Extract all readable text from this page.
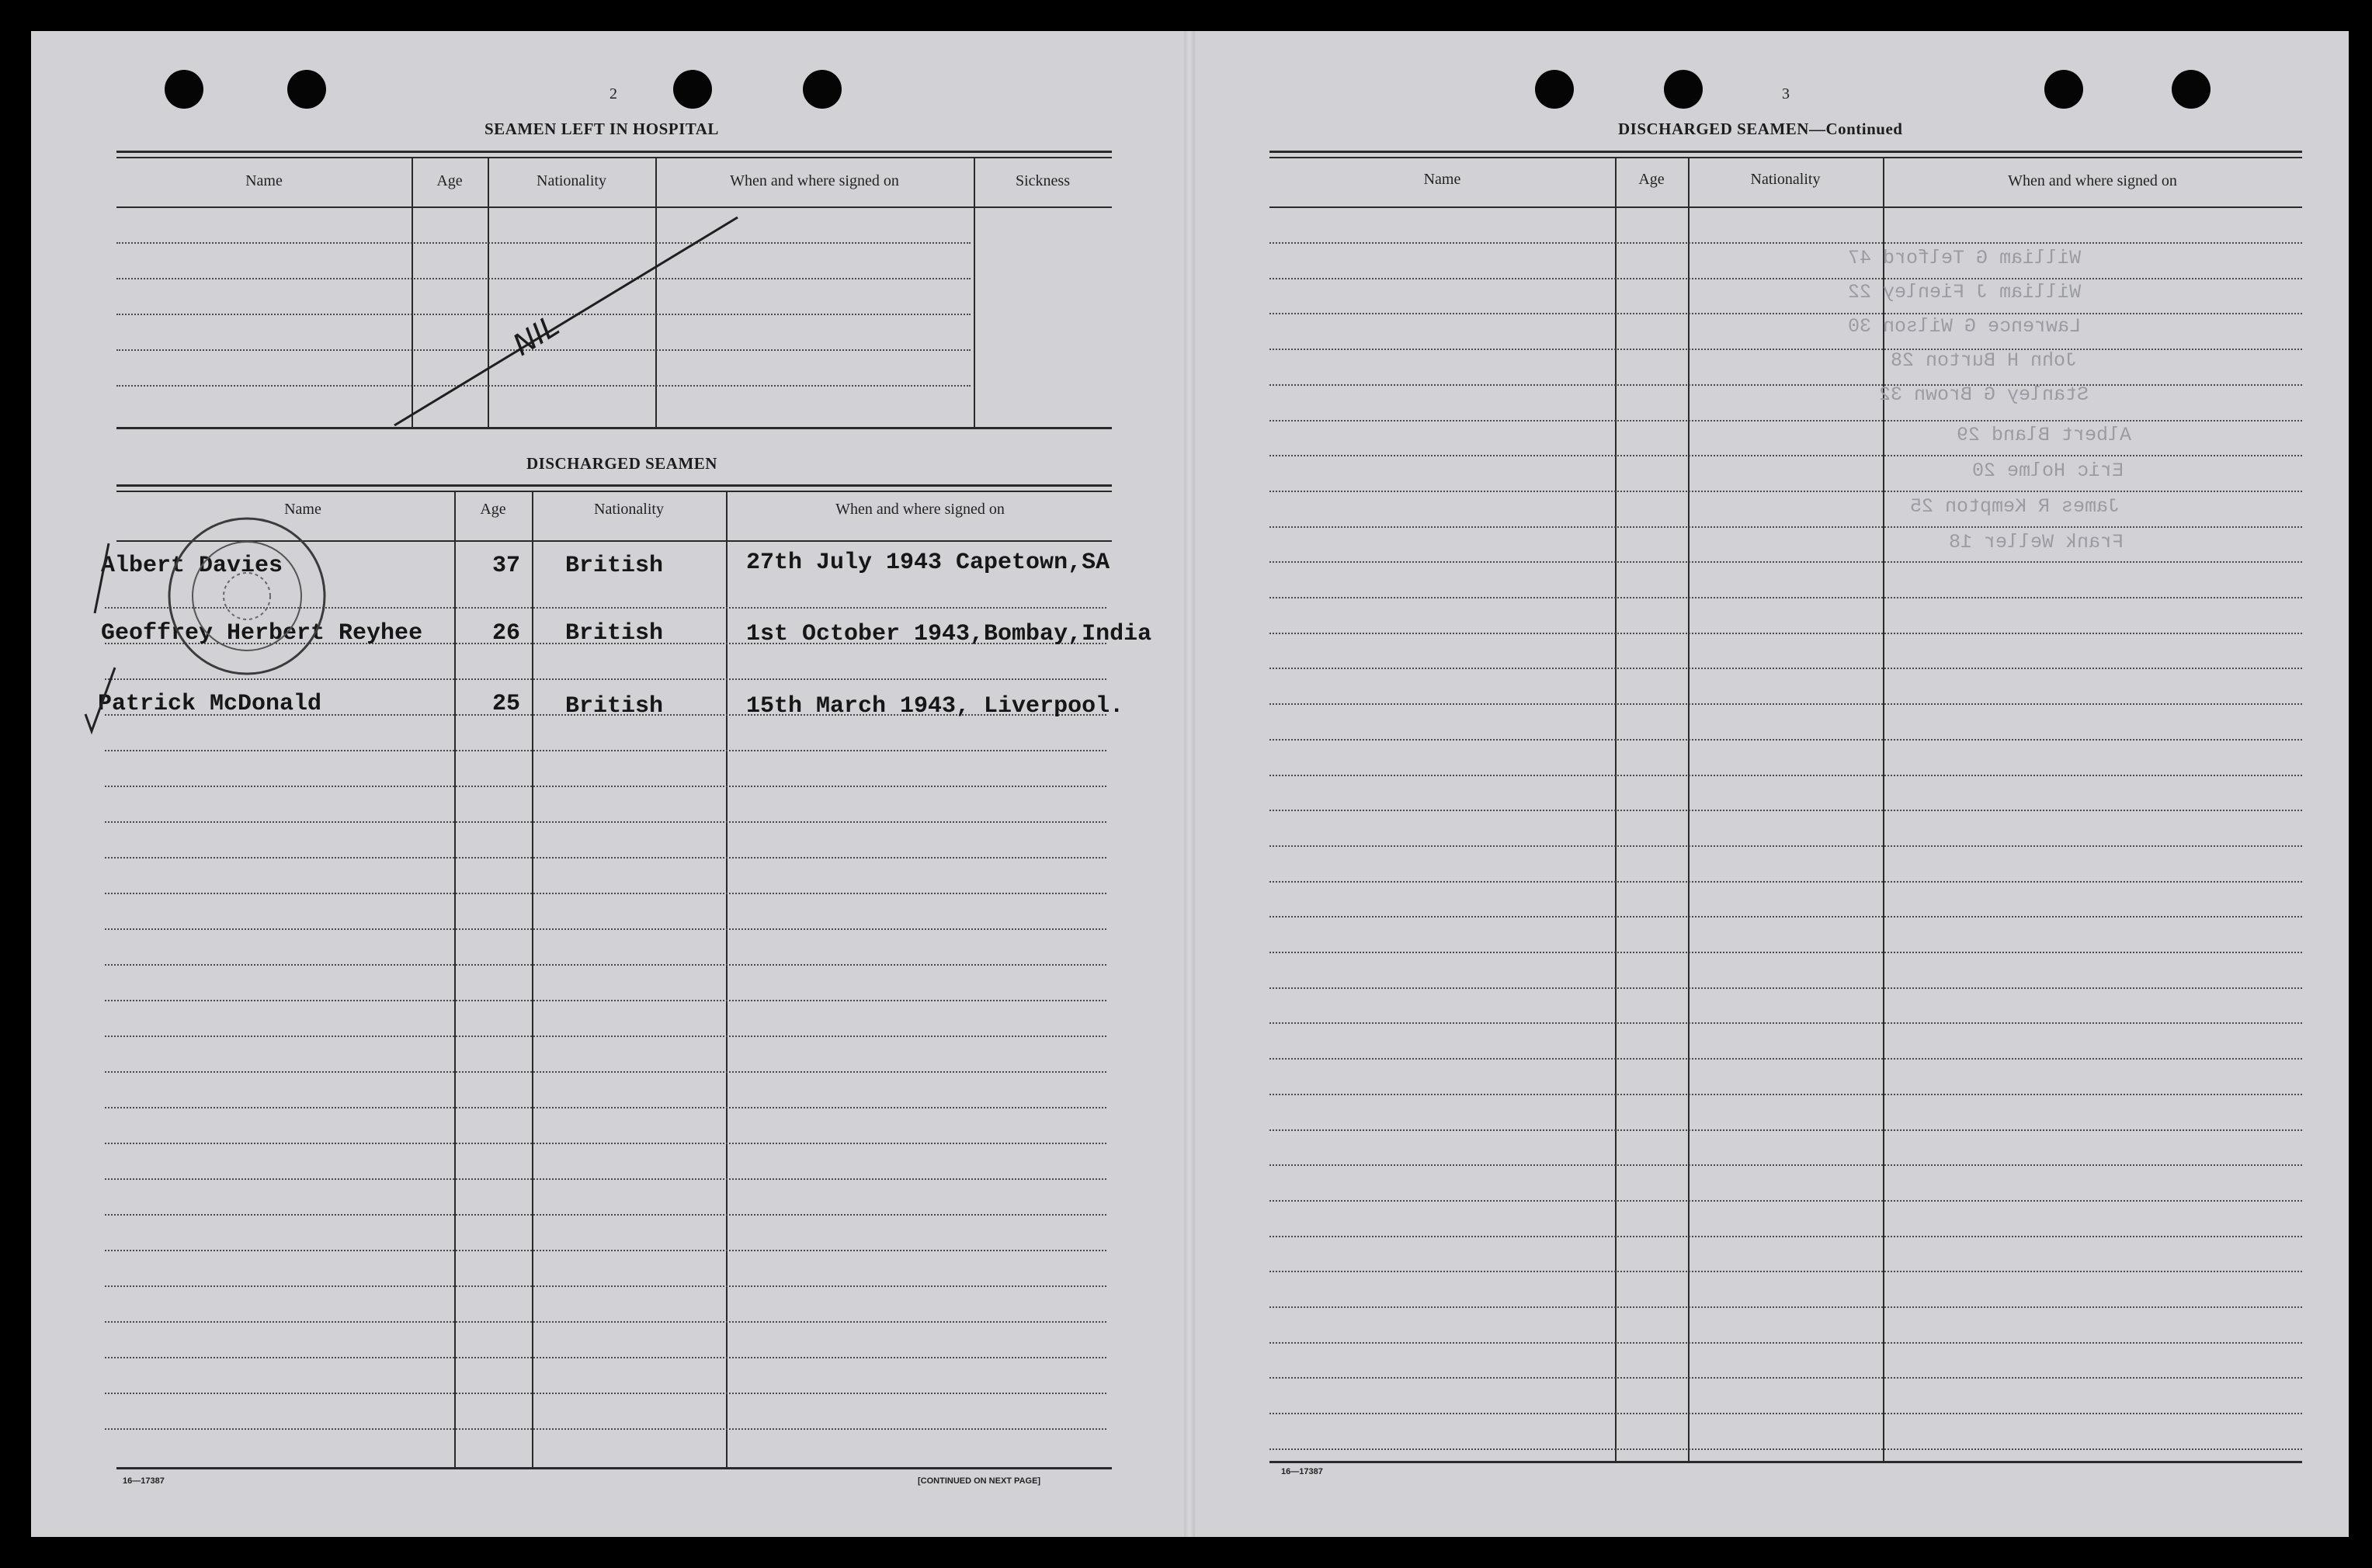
2
SEAMEN LEFT IN HOSPITAL
Name	Age	Nationality	When and where signed on	Sickness
NIL
DISCHARGED SEAMEN
Name	Age	Nationality	When and where signed on
Albert Davies	37 British	27th July 1943 Capetown,SA
Geoffrey Herbert Reyhee	26 British	1st October 1943,Bombay,India
Patrick McDonald	25 British	15th March 1943, Liverpool.
16—17387	[CONTINUED ON NEXT PAGE]
3
DISCHARGED SEAMEN—Continued
Name	Age	Nationality	When and where signed on
William G Telford 47
William J Fienley 22
Lawrence G Wilson 30
John H Burton 28
Stanley G Brown 32
Albert Bland 29
Eric Holme 20
James R Kempton 25
Frank Weller 18
16—17387
